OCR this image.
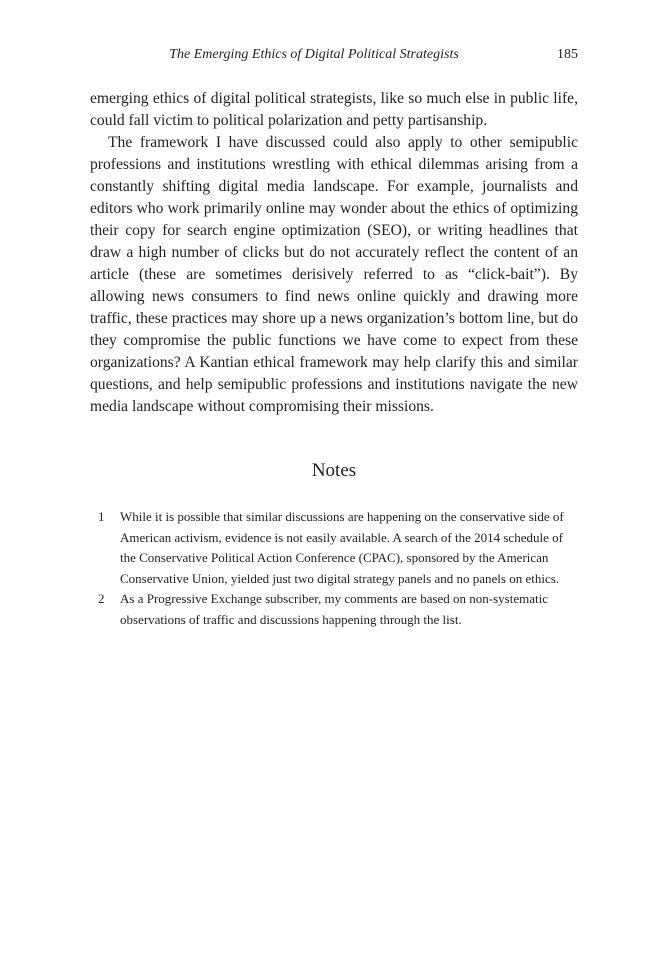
The Emerging Ethics of Digital Political Strategists	185

emerging ethics of digital political strategists, like so much else in public life, could fall victim to political polarization and petty partisanship.

The framework I have discussed could also apply to other semipublic professions and institutions wrestling with ethical dilemmas arising from a constantly shifting digital media landscape. For example, journalists and editors who work primarily online may wonder about the ethics of optimizing their copy for search engine optimization (SEO), or writing headlines that draw a high number of clicks but do not accurately reflect the content of an article (these are sometimes derisively referred to as “click-bait”). By allowing news consumers to find news online quickly and drawing more traffic, these practices may shore up a news organization’s bottom line, but do they compromise the public functions we have come to expect from these organizations? A Kantian ethical framework may help clarify this and similar questions, and help semipublic professions and institutions navigate the new media landscape without compromising their missions.

Notes
1 While it is possible that similar discussions are happening on the conservative side of American activism, evidence is not easily available. A search of the 2014 schedule of the Conservative Political Action Conference (CPAC), sponsored by the American Conservative Union, yielded just two digital strategy panels and no panels on ethics.
2 As a Progressive Exchange subscriber, my comments are based on non-systematic observations of traffic and discussions happening through the list.
